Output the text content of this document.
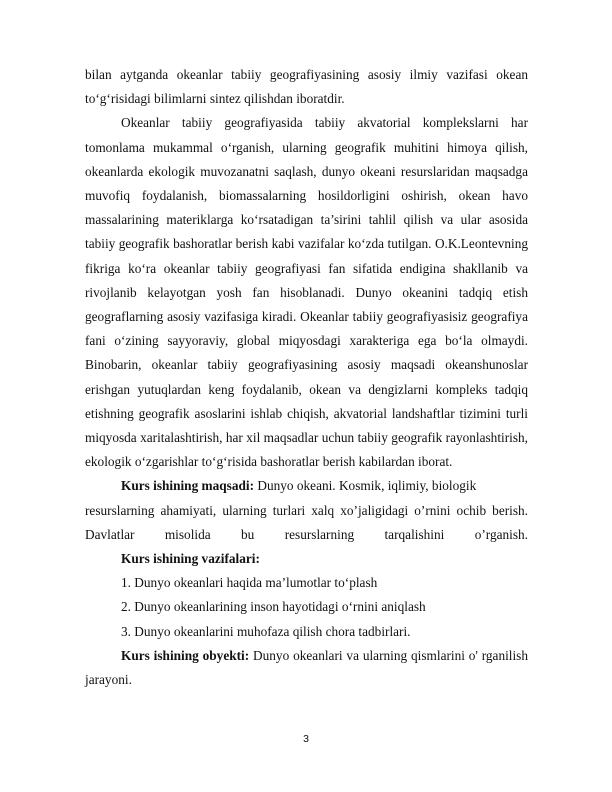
bilan aytganda okeanlar tabiiy geografiyasining asosiy ilmiy vazifasi okean to‘g‘risidagi bilimlarni sintez qilishdan iboratdir.

Okeanlar tabiiy geografiyasida tabiiy akvatorial komplekslarni har tomonlama mukammal o‘rganish, ularning geografik muhitini himoya qilish, okeanlarda ekologik muvozanatni saqlash, dunyo okeani resurslaridan maqsadga muvofiq foydalanish, biomassalarning hosildorligini oshirish, okean havo massalarining materiklarga ko‘rsatadigan ta’sirini tahlil qilish va ular asosida tabiiy geografik bashoratlar berish kabi vazifalar ko‘zda tutilgan. O.K.Leontevning fikriga ko‘ra okeanlar tabiiy geografiyasi fan sifatida endigina shakllanib va rivojlanib kelayotgan yosh fan hisoblanadi. Dunyo okeanini tadqiq etish geograflarning asosiy vazifasiga kiradi. Okeanlar tabiiy geografiyasisiz geografiya fani o‘zining sayyoraviy, global miqyosdagi xarakteriga ega bo‘la olmaydi. Binobarin, okeanlar tabiiy geografiyasining asosiy maqsadi okeanshunoslar erishgan yutuqlardan keng foydalanib, okean va dengizlarni kompleks tadqiq etishning geografik asoslarini ishlab chiqish, akvatorial landshaftlar tizimini turli miqyosda xaritalashtirish, har xil maqsadlar uchun tabiiy geografik rayonlashtirish, ekologik o‘zgarishlar to‘g‘risida bashoratlar berish kabilardan iborat.

Kurs ishining maqsadi: Dunyo okeani. Kosmik, iqlimiy, biologik

resurslarning ahamiyati, ularning turlari xalq xo’jaligidagi o’rnini ochib berish. Davlatlar misolida bu resurslarning tarqalishini o’rganish.

Kurs ishining vazifalari:

1. Dunyo okeanlari haqida ma’lumotlar to‘plash

2. Dunyo okeanlarining inson hayotidagi o‘rnini aniqlash

3. Dunyo okeanlarini muhofaza qilish chora tadbirlari.

Kurs ishining obyekti: Dunyo okeanlari va ularning qismlarini o' rganilish jarayoni.

3
